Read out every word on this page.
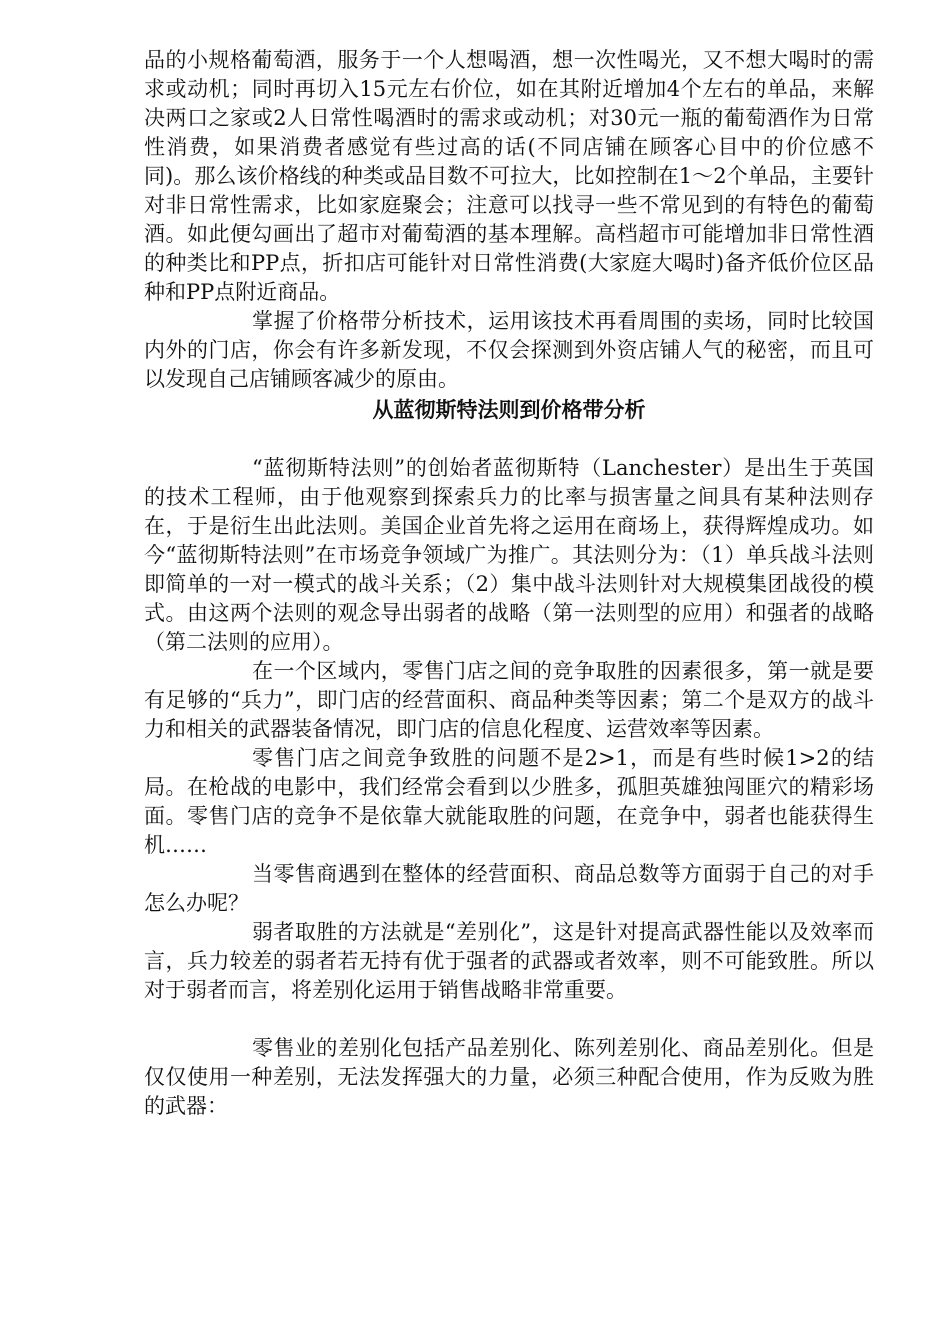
品的小规格葡萄酒，服务于一个人想喝酒，想一次性喝光，又不想大喝时的需求或动机；同时再切入15元左右价位，如在其附近增加4个左右的单品，来解决两口之家或2人日常性喝酒时的需求或动机；对30元一瓶的葡萄酒作为日常性消费，如果消费者感觉有些过高的话(不同店铺在顾客心目中的价位感不同)。那么该价格线的种类或品目数不可拉大，比如控制在1～2个单品，主要针对非日常性需求，比如家庭聚会；注意可以找寻一些不常见到的有特色的葡萄酒。如此便勾画出了超市对葡萄酒的基本理解。高档超市可能增加非日常性酒的种类比和PP点，折扣店可能针对日常性消费(大家庭大喝时)备齐低价位区品种和PP点附近商品。

掌握了价格带分析技术，运用该技术再看周围的卖场，同时比较国内外的门店，你会有许多新发现，不仅会探测到外资店铺人气的秘密，而且可以发现自己店铺顾客减少的原由。

从蓝彻斯特法则到价格带分析

“蓝彻斯特法则”的创始者蓝彻斯特（Lanchester）是出生于英国的技术工程师，由于他观察到探索兵力的比率与损害量之间具有某种法则存在，于是衍生出此法则。美国企业首先将之运用在商场上，获得辉煌成功。如今“蓝彻斯特法则”在市场竞争领域广为推广。其法则分为：（1）单兵战斗法则即简单的一对一模式的战斗关系；（2）集中战斗法则针对大规模集团战役的模式。由这两个法则的观念导出弱者的战略（第一法则型的应用）和强者的战略（第二法则的应用）。

在一个区域内，零售门店之间的竞争取胜的因素很多，第一就是要有足够的“兵力”，即门店的经营面积、商品种类等因素；第二个是双方的战斗力和相关的武器装备情况，即门店的信息化程度、运营效率等因素。

零售门店之间竞争致胜的问题不是2>1，而是有些时候1>2的结局。在枪战的电影中，我们经常会看到以少胜多，孤胆英雄独闯匪穴的精彩场面。零售门店的竞争不是依靠大就能取胜的问题，在竞争中，弱者也能获得生机……

当零售商遇到在整体的经营面积、商品总数等方面弱于自己的对手怎么办呢？

弱者取胜的方法就是“差别化”，这是针对提高武器性能以及效率而言，兵力较差的弱者若无持有优于强者的武器或者效率，则不可能致胜。所以对于弱者而言，将差别化运用于销售战略非常重要。

零售业的差别化包括产品差别化、陈列差别化、商品差别化。但是仅仅使用一种差别，无法发挥强大的力量，必须三种配合使用，作为反败为胜的武器：
